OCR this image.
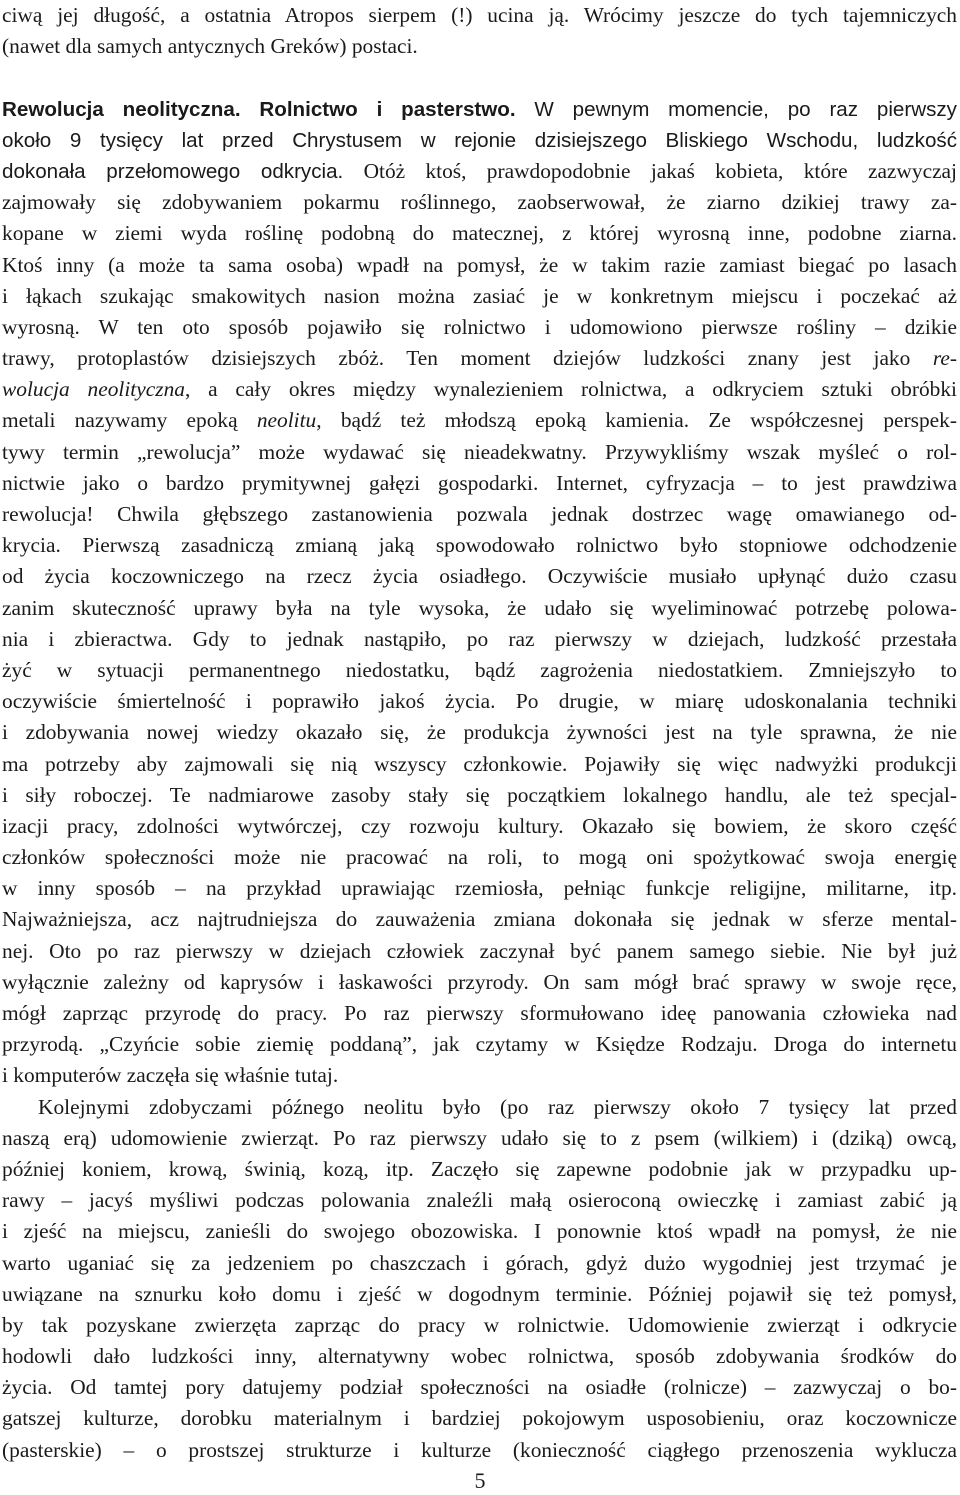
ciwą jej długość, a ostatnia Atropos sierpem (!) ucina ją. Wrócimy jeszcze do tych tajemniczych
(nawet dla samych antycznych Greków) postaci.
Rewolucja neolityczna. Rolnictwo i pasterstwo. W pewnym momencie, po raz pierwszy
około 9 tysięcy lat przed Chrystusem w rejonie dzisiejszego Bliskiego Wschodu, ludzkość
dokonała przełomowego odkrycia. Otóż ktoś, prawdopodobnie jakaś kobieta, które zazwyczaj
zajmowały się zdobywaniem pokarmu roślinnego, zaobserwował, że ziarno dzikiej trawy za-
kopane w ziemi wyda roślinę podobną do matecznej, z której wyrosną inne, podobne ziarna.
Ktoś inny (a może ta sama osoba) wpadł na pomysł, że w takim razie zamiast biegać po lasach
i łąkach szukając smakowitych nasion można zasiać je w konkretnym miejscu i poczekać aż
wyrosną. W ten oto sposób pojawiło się rolnictwo i udomowiono pierwsze rośliny – dzikie
trawy, protoplastów dzisiejszych zbóż. Ten moment dziejów ludzkości znany jest jako re-
wolucja neolityczna, a cały okres między wynalezieniem rolnictwa, a odkryciem sztuki obróbki
metali nazywamy epoką neolitu, bądź też młodszą epoką kamienia. Ze współczesnej perspek-
tywy termin „rewolucja” może wydawać się nieadekwatny. Przywykliśmy wszak myśleć o rol-
nictwie jako o bardzo prymitywnej gałęzi gospodarki. Internet, cyfryzacja – to jest prawdziwa
rewolucja! Chwila głębszego zastanowienia pozwala jednak dostrzec wagę omawianego od-
krycia. Pierwszą zasadniczą zmianą jaką spowodowało rolnictwo było stopniowe odchodzenie
od życia koczowniczego na rzecz życia osiadłego. Oczywiście musiało upłynąć dużo czasu
zanim skuteczność uprawy była na tyle wysoka, że udało się wyeliminować potrzebę polowa-
nia i zbieractwa. Gdy to jednak nastąpiło, po raz pierwszy w dziejach, ludzkość przestała
żyć w sytuacji permanentnego niedostatku, bądź zagrożenia niedostatkiem. Zmniejszyło to
oczywiście śmiertelność i poprawiło jakoś życia. Po drugie, w miarę udoskonalania techniki
i zdobywania nowej wiedzy okazało się, że produkcja żywności jest na tyle sprawna, że nie
ma potrzeby aby zajmowali się nią wszyscy członkowie. Pojawiły się więc nadwyżki produkcji
i siły roboczej. Te nadmiarowe zasoby stały się początkiem lokalnego handlu, ale też specjal-
izacji pracy, zdolności wytwórczej, czy rozwoju kultury. Okazało się bowiem, że skoro część
członków społeczności może nie pracować na roli, to mogą oni spożytkować swoja energię
w inny sposób – na przykład uprawiając rzemiosła, pełniąc funkcje religijne, militarne, itp.
Najważniejsza, acz najtrudniejsza do zauważenia zmiana dokonała się jednak w sferze mental-
nej. Oto po raz pierwszy w dziejach człowiek zaczynał być panem samego siebie. Nie był już
wyłącznie zależny od kaprysów i łaskawości przyrody. On sam mógł brać sprawy w swoje ręce,
mógł zaprząc przyrodę do pracy. Po raz pierwszy sformułowano ideę panowania człowieka nad
przyrodą. „Czyńcie sobie ziemię poddaną”, jak czytamy w Księdze Rodzaju. Droga do internetu
i komputerów zaczęła się właśnie tutaj.
Kolejnymi zdobyczami późnego neolitu było (po raz pierwszy około 7 tysięcy lat przed
naszą erą) udomowienie zwierząt. Po raz pierwszy udało się to z psem (wilkiem) i (dziką) owcą,
później koniem, krową, świnią, kozą, itp. Zaczęło się zapewne podobnie jak w przypadku up-
rawy – jacyś myśliwi podczas polowania znaleźli małą osieroconą owieczkę i zamiast zabić ją
i zjeść na miejscu, zanieśli do swojego obozowiska. I ponownie ktoś wpadł na pomysł, że nie
warto uganiać się za jedzeniem po chaszczach i górach, gdyż dużo wygodniej jest trzymać je
uwiązane na sznurku koło domu i zjeść w dogodnym terminie. Później pojawił się też pomysł,
by tak pozyskane zwierzęta zaprząc do pracy w rolnictwie. Udomowienie zwierząt i odkrycie
hodowli dało ludzkości inny, alternatywny wobec rolnictwa, sposób zdobywania środków do
życia. Od tamtej pory datujemy podział społeczności na osiadłe (rolnicze) – zazwyczaj o bo-
gatszej kulturze, dorobku materialnym i bardziej pokojowym usposobieniu, oraz koczownicze
(pasterskie) – o prostszej strukturze i kulturze (konieczność ciągłego przenoszenia wyklucza
5
